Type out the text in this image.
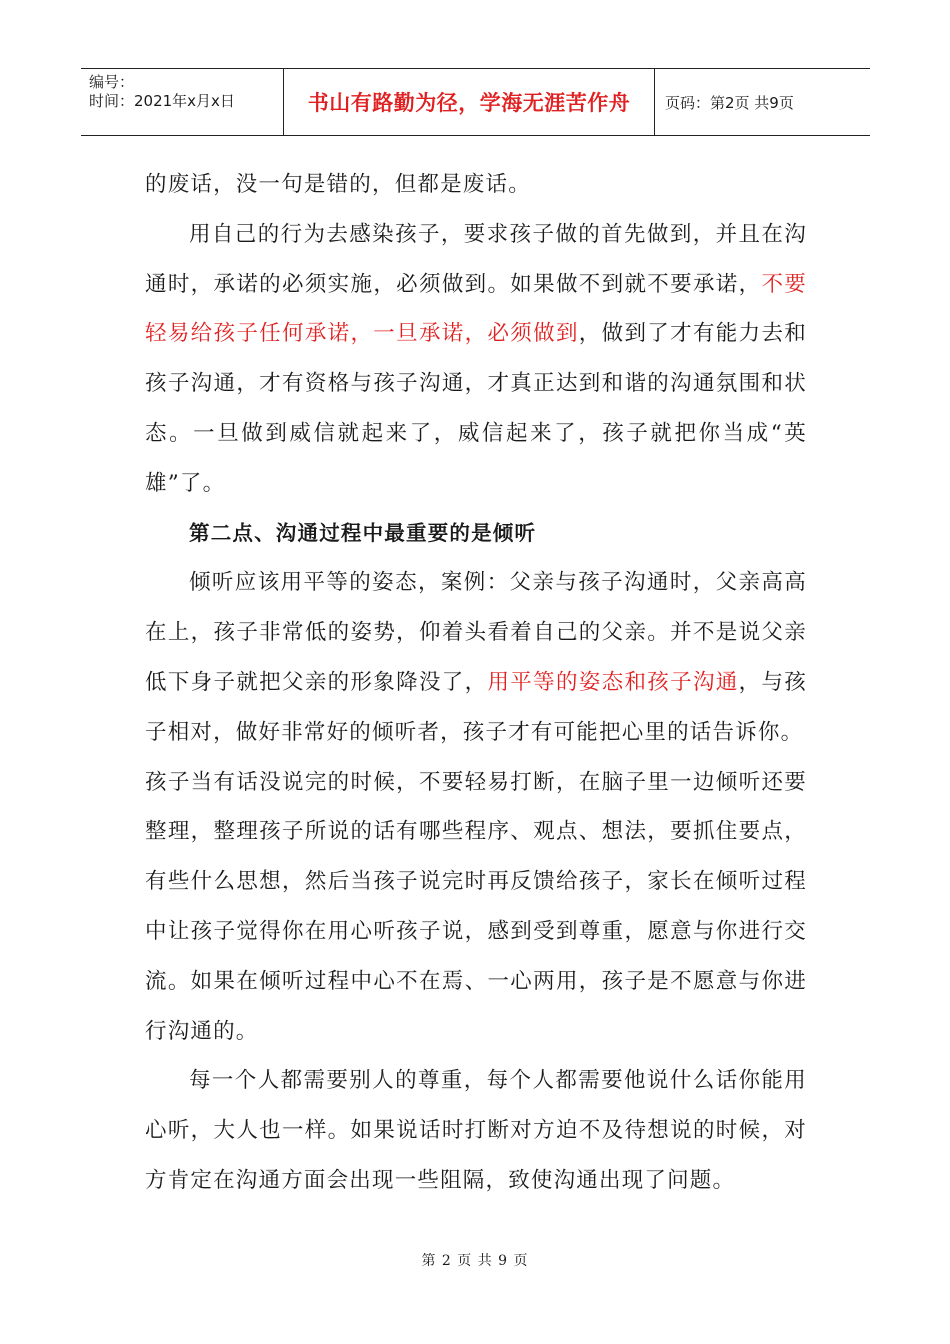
编号：
时间：2021年x月x日	书山有路勤为径，学海无涯苦作舟 页码：第2页 共9页

的废话，没一句是错的，但都是废话。

用自己的行为去感染孩子，要求孩子做的首先做到，并且在沟通时，承诺的必须实施，必须做到。如果做不到就不要承诺，不要轻易给孩子任何承诺，一旦承诺，必须做到，做到了才有能力去和孩子沟通，才有资格与孩子沟通，才真正达到和谐的沟通氛围和状态。一旦做到威信就起来了，威信起来了，孩子就把你当成“英雄”了。

第二点、沟通过程中最重要的是倾听

倾听应该用平等的姿态，案例：父亲与孩子沟通时，父亲高高在上，孩子非常低的姿势，仰着头看着自己的父亲。并不是说父亲低下身子就把父亲的形象降没了，用平等的姿态和孩子沟通，与孩子相对，做好非常好的倾听者，孩子才有可能把心里的话告诉你。

孩子当有话没说完的时候，不要轻易打断，在脑子里一边倾听还要整理，整理孩子所说的话有哪些程序、观点、想法，要抓住要点，有些什么思想，然后当孩子说完时再反馈给孩子，家长在倾听过程中让孩子觉得你在用心听孩子说，感到受到尊重，愿意与你进行交流。如果在倾听过程中心不在焉、一心两用，孩子是不愿意与你进行沟通的。

每一个人都需要别人的尊重，每个人都需要他说什么话你能用心听，大人也一样。如果说话时打断对方迫不及待想说的时候，对方肯定在沟通方面会出现一些阻隔，致使沟通出现了问题。

第 2 页 共 9 页
